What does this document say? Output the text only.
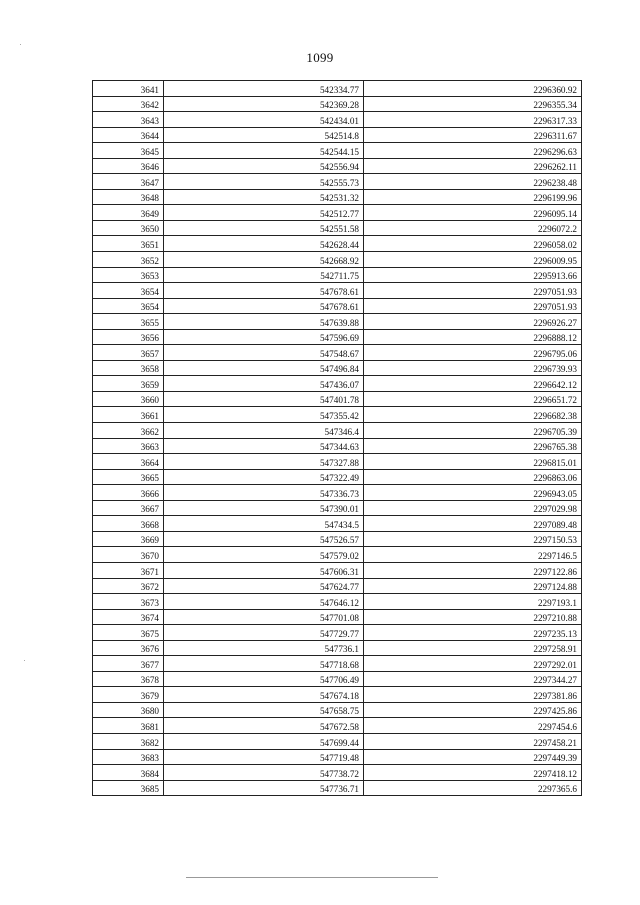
1099
3641	542334.77	2296360.92
3642	542369.28	2296355.34
3643	542434.01	2296317.33
3644	542514.8	2296311.67
3645	542544.15	2296296.63
3646	542556.94	2296262.11
3647	542555.73	2296238.48
3648	542531.32	2296199.96
3649	542512.77	2296095.14
3650	542551.58	2296072.2
3651	542628.44	2296058.02
3652	542668.92	2296009.95
3653	542711.75	2295913.66
3654	547678.61	2297051.93
3654	547678.61	2297051.93
3655	547639.88	2296926.27
3656	547596.69	2296888.12
3657	547548.67	2296795.06
3658	547496.84	2296739.93
3659	547436.07	2296642.12
3660	547401.78	2296651.72
3661	547355.42	2296682.38
3662	547346.4	2296705.39
3663	547344.63	2296765.38
3664	547327.88	2296815.01
3665	547322.49	2296863.06
3666	547336.73	2296943.05
3667	547390.01	2297029.98
3668	547434.5	2297089.48
3669	547526.57	2297150.53
3670	547579.02	2297146.5
3671	547606.31	2297122.86
3672	547624.77	2297124.88
3673	547646.12	2297193.1
3674	547701.08	2297210.88
3675	547729.77	2297235.13
3676	547736.1	2297258.91
3677	547718.68	2297292.01
3678	547706.49	2297344.27
3679	547674.18	2297381.86
3680	547658.75	2297425.86
3681	547672.58	2297454.6
3682	547699.44	2297458.21
3683	547719.48	2297449.39
3684	547738.72	2297418.12
3685	547736.71	2297365.6
